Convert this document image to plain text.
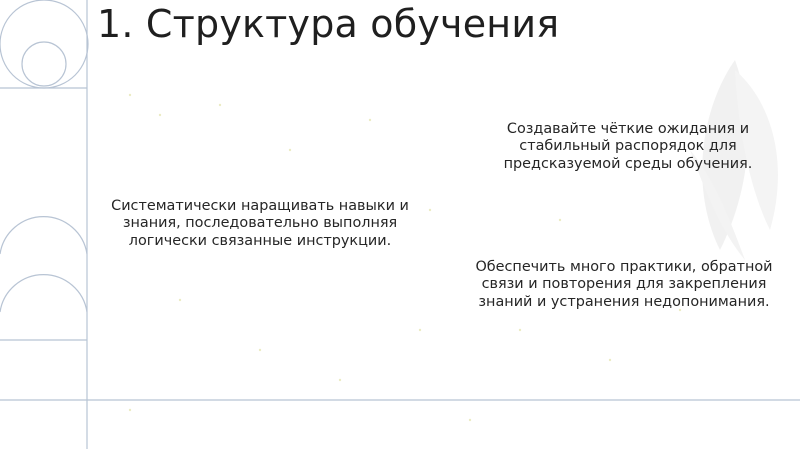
1. Структура обучения

Систематически наращивать навыки и знания, последовательно выполняя логически связанные инструкции.

Создавайте чёткие ожидания и стабильный распорядок для предсказуемой среды обучения.

Обеспечить много практики, обратной связи и повторения для закрепления знаний и устранения недопонимания.
